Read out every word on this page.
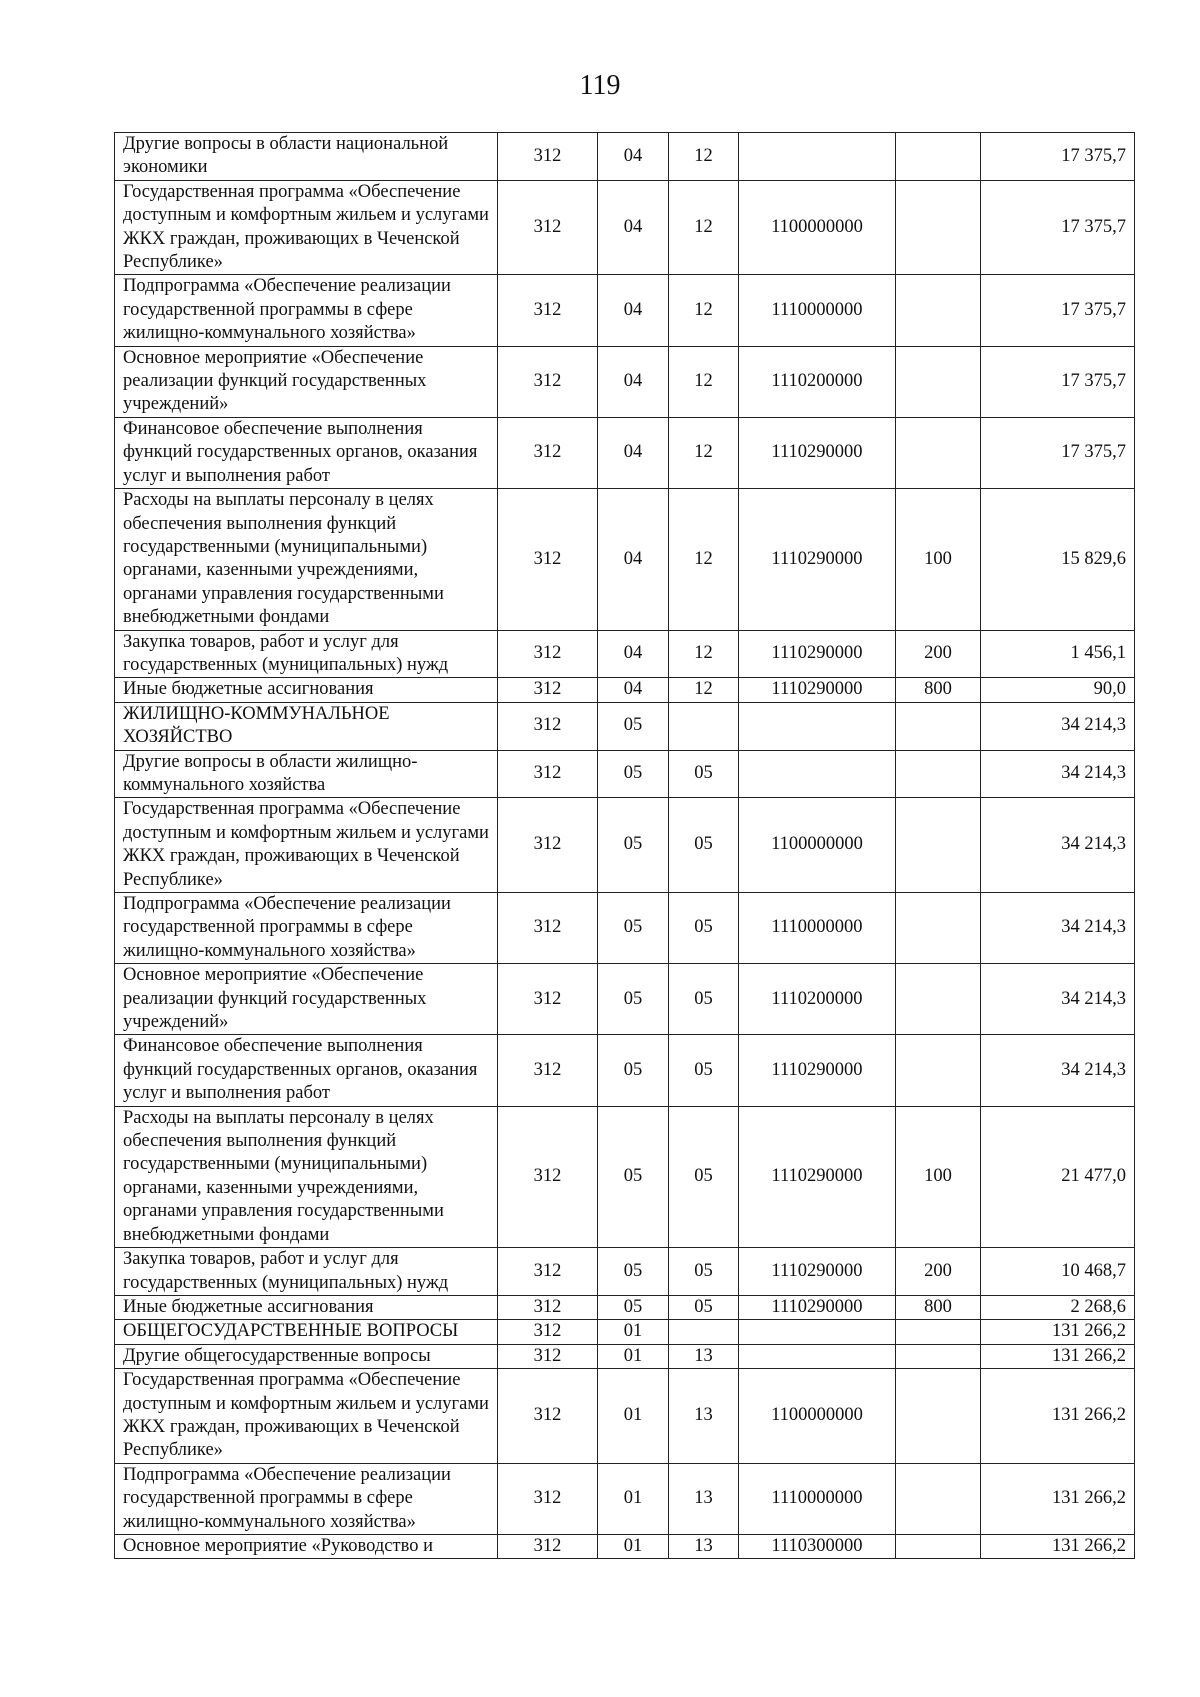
119
Другие вопросы в области национальной экономики	312	04	12			17 375,7
Государственная программа «Обеспечение доступным и комфортным жильем и услугами ЖКХ граждан, проживающих в Чеченской Республике»	312	04	12	1100000000		17 375,7
Подпрограмма «Обеспечение реализации государственной программы в сфере жилищно-коммунального хозяйства»	312	04	12	1110000000		17 375,7
Основное мероприятие «Обеспечение реализации функций государственных учреждений»	312	04	12	1110200000		17 375,7
Финансовое обеспечение выполнения функций государственных органов, оказания услуг и выполнения работ	312	04	12	1110290000		17 375,7
Расходы на выплаты персоналу в целях обеспечения выполнения функций государственными (муниципальными) органами, казенными учреждениями, органами управления государственными внебюджетными фондами	312	04	12	1110290000	100	15 829,6
Закупка товаров, работ и услуг для государственных (муниципальных) нужд	312	04	12	1110290000	200	1 456,1
Иные бюджетные ассигнования	312	04	12	1110290000	800	90,0
ЖИЛИЩНО-КОММУНАЛЬНОЕ ХОЗЯЙСТВО	312	05				34 214,3
Другие вопросы в области жилищно-коммунального хозяйства	312	05	05			34 214,3
Государственная программа «Обеспечение доступным и комфортным жильем и услугами ЖКХ граждан, проживающих в Чеченской Республике»	312	05	05	1100000000		34 214,3
Подпрограмма «Обеспечение реализации государственной программы в сфере жилищно-коммунального хозяйства»	312	05	05	1110000000		34 214,3
Основное мероприятие «Обеспечение реализации функций государственных учреждений»	312	05	05	1110200000		34 214,3
Финансовое обеспечение выполнения функций государственных органов, оказания услуг и выполнения работ	312	05	05	1110290000		34 214,3
Расходы на выплаты персоналу в целях обеспечения выполнения функций государственными (муниципальными) органами, казенными учреждениями, органами управления государственными внебюджетными фондами	312	05	05	1110290000	100	21 477,0
Закупка товаров, работ и услуг для государственных (муниципальных) нужд	312	05	05	1110290000	200	10 468,7
Иные бюджетные ассигнования	312	05	05	1110290000	800	2 268,6
ОБЩЕГОСУДАРСТВЕННЫЕ ВОПРОСЫ	312	01				131 266,2
Другие общегосударственные вопросы	312	01	13			131 266,2
Государственная программа «Обеспечение доступным и комфортным жильем и услугами ЖКХ граждан, проживающих в Чеченской Республике»	312	01	13	1100000000		131 266,2
Подпрограмма «Обеспечение реализации государственной программы в сфере жилищно-коммунального хозяйства»	312	01	13	1110000000		131 266,2
Основное мероприятие «Руководство и	312	01	13	1110300000		131 266,2
